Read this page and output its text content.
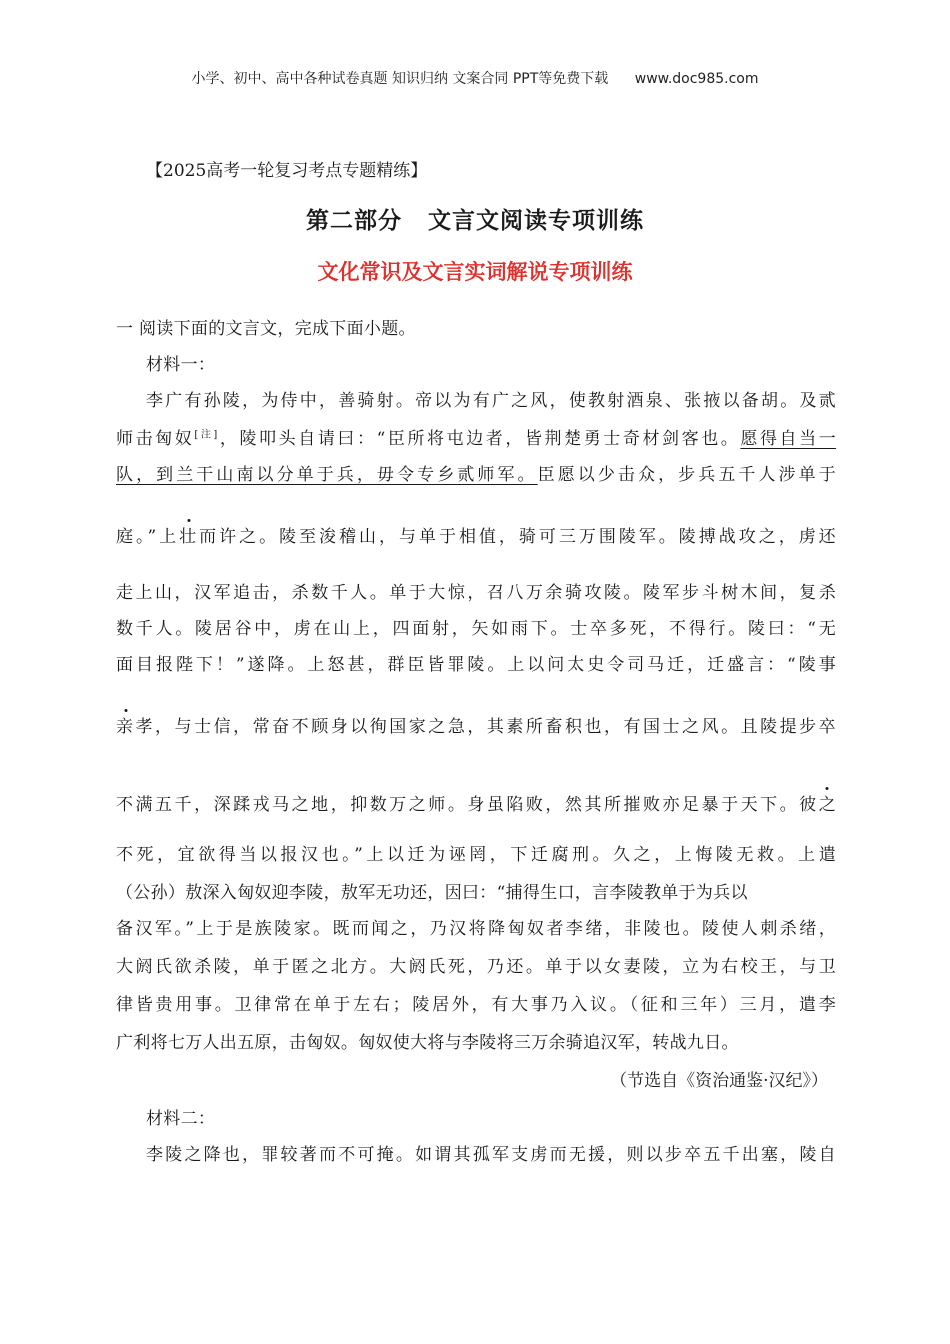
小学、初中、高中各种试卷真题 知识归纳 文案合同 PPT等免费下载 www.doc985.com
【2025高考一轮复习考点专题精练】
第二部分 文言文阅读专项训练
文化常识及文言实词解说专项训练
一 阅读下面的文言文，完成下面小题。
材料一：
李广有孙陵，为侍中，善骑射。帝以为有广之风，使教射酒泉、张掖以备胡。及贰
师击匈奴[注]，陵叩头自请曰：“臣所将屯边者，皆荆楚勇士奇材剑客也。愿得自当一
队，到兰干山南以分单于兵，毋令专乡贰师军。臣愿以少击众，步兵五千人涉单于
庭。”上壮而许之。陵至浚稽山，与单于相值，骑可三万围陵军。陵搏战攻之，虏还
走上山，汉军追击，杀数千人。单于大惊，召八万余骑攻陵。陵军步斗树木间，复杀
数千人。陵居谷中，虏在山上，四面射，矢如雨下。士卒多死，不得行。陵曰：“无
面目报陛下！”遂降。上怒甚，群臣皆罪陵。上以问太史令司马迁，迁盛言：“陵事
亲孝，与士信，常奋不顾身以徇国家之急，其素所畜积也，有国士之风。且陵提步卒
不满五千，深蹂戎马之地，抑数万之师。身虽陷败，然其所摧败亦足暴于天下。彼之
不死，宜欲得当以报汉也。”上以迁为诬罔，下迁腐刑。久之，上悔陵无救。上遣
（公孙）敖深入匈奴迎李陵，敖军无功还，因曰：“捕得生口，言李陵教单于为兵以
备汉军。”上于是族陵家。既而闻之，乃汉将降匈奴者李绪，非陵也。陵使人刺杀绪，
大阏氏欲杀陵，单于匿之北方。大阏氏死，乃还。单于以女妻陵，立为右校王，与卫
律皆贵用事。卫律常在单于左右；陵居外，有大事乃入议。（征和三年）三月，遣李
广利将七万人出五原，击匈奴。匈奴使大将与李陵将三万余骑追汉军，转战九日。
（节选自《资治通鉴·汉纪》）
材料二：
李陵之降也，罪较著而不可掩。如谓其孤军支虏而无援，则以步卒五千出塞，陵自
